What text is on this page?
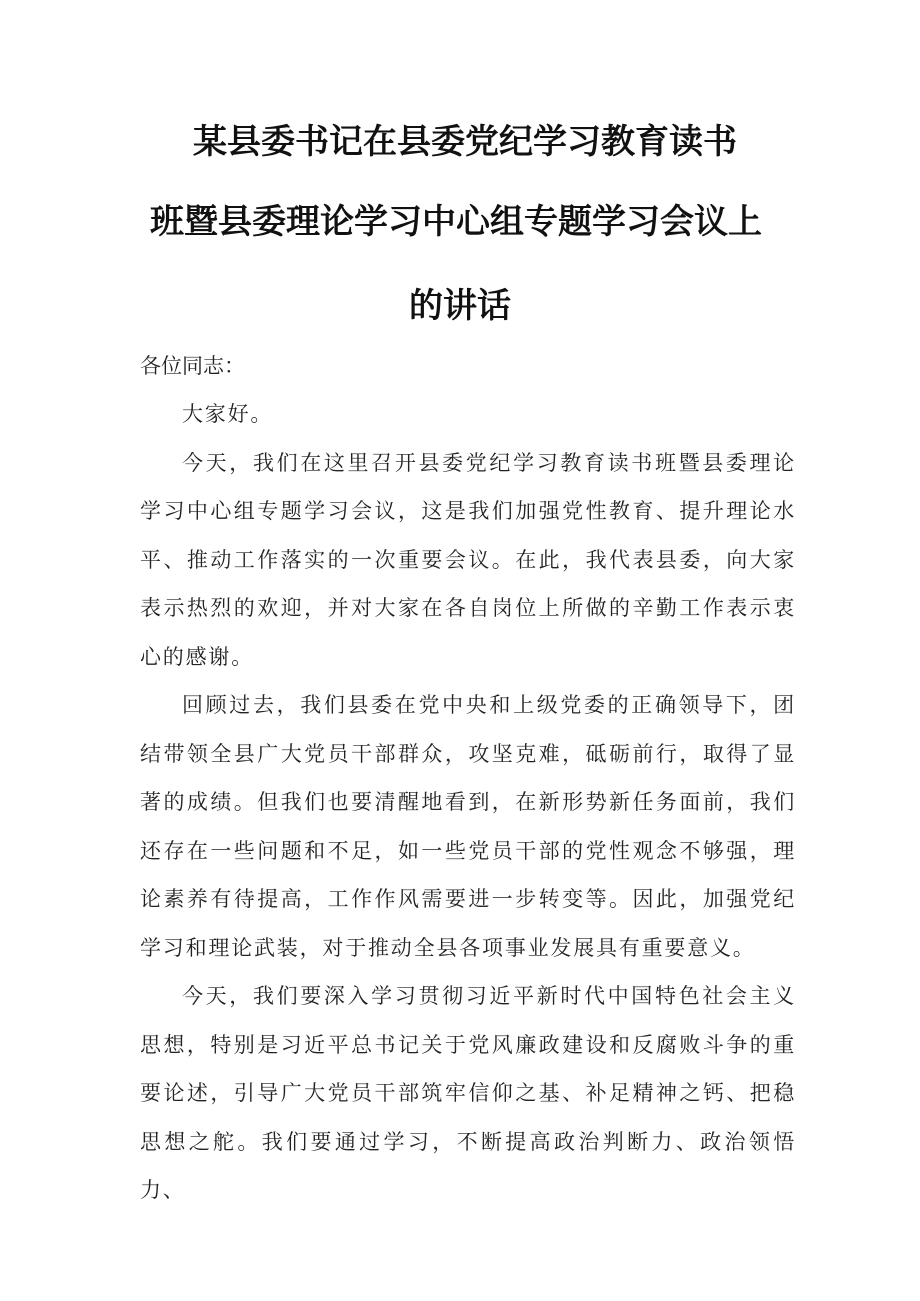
某县委书记在县委党纪学习教育读书
班暨县委理论学习中心组专题学习会议上
的讲话

各位同志：

大家好。

今天，我们在这里召开县委党纪学习教育读书班暨县委理论学习中心组专题学习会议，这是我们加强党性教育、提升理论水平、推动工作落实的一次重要会议。在此，我代表县委，向大家表示热烈的欢迎，并对大家在各自岗位上所做的辛勤工作表示衷心的感谢。

回顾过去，我们县委在党中央和上级党委的正确领导下，团结带领全县广大党员干部群众，攻坚克难，砥砺前行，取得了显著的成绩。但我们也要清醒地看到，在新形势新任务面前，我们还存在一些问题和不足，如一些党员干部的党性观念不够强，理论素养有待提高，工作作风需要进一步转变等。因此，加强党纪学习和理论武装，对于推动全县各项事业发展具有重要意义。

今天，我们要深入学习贯彻习近平新时代中国特色社会主义思想，特别是习近平总书记关于党风廉政建设和反腐败斗争的重要论述，引导广大党员干部筑牢信仰之基、补足精神之钙、把稳思想之舵。我们要通过学习，不断提高政治判断力、政治领悟力、
